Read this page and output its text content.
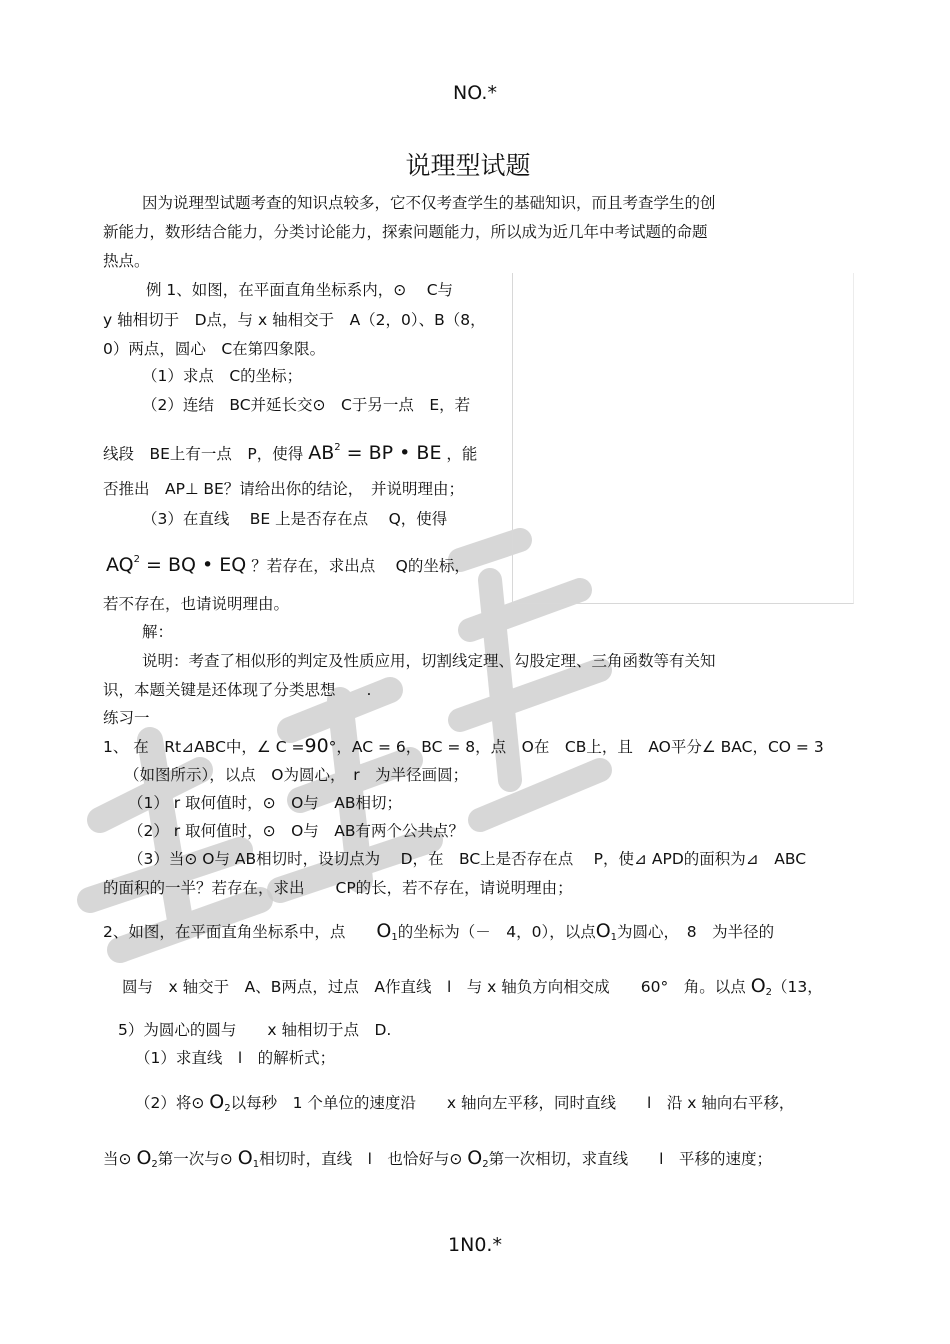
NO.*
说理型试题
因为说理型试题考查的知识点较多，它不仅考查学生的基础知识，而且考查学生的创
新能力，数形结合能力，分类讨论能力，探索问题能力，所以成为近几年中考试题的命题
热点。
例 1、如图，在平面直角坐标系内，⊙　 C与
y 轴相切于　D点，与 x 轴相交于　A（2，0）、B（8，
0）两点，圆心　C在第四象限。
（1）求点　C的坐标；
（2）连结　BC并延长交⊙　C于另一点　E，若
线段　BE上有一点　P，使得 $AB^2$ = BP • BE ，能
否推出　AP⊥ BE？请给出你的结论，　并说明理由；
（3）在直线　 BE 上是否存在点　 Q，使得
$AQ^2$ = BQ • EQ ？若存在，求出点　 Q的坐标，
若不存在，也请说明理由。
解：
说明：考查了相似形的判定及性质应用，切割线定理、勾股定理、三角函数等有关知
识，本题关键是还体现了分类思想　　.
练习一
1、 在　Rt⊿ABC中，∠ C =90°，AC = 6，BC = 8，点　O在　CB上，且　AO平分∠ BAC，CO = 3
（如图所示），以点　O为圆心，　r　为半径画圆；
（1） r 取何值时，⊙　O与　AB相切；
（2） r 取何值时，⊙　O与　AB有两个公共点？
（3）当⊙ O与 AB相切时，设切点为　 D，在　BC上是否存在点　 P，使⊿ APD的面积为⊿　ABC
的面积的一半？若存在，求出　　CP的长，若不存在，请说明理由；
2、如图，在平面直角坐标系中，点　　$O_1$的坐标为（－　4，0），以点$O_1$为圆心，　8　为半径的
圆与　x 轴交于　A、B两点，过点　A作直线　l　与 x 轴负方向相交成　　60°　角。以点 $O_2(13$，
5）为圆心的圆与　　x 轴相切于点　D.
（1）求直线　l　的解析式；
（2）将⊙ $O_2$以每秒　1 个单位的速度沿　　x 轴向左平移，同时直线　　l　沿 x 轴向右平移，
当⊙ $O_2$第一次与⊙ $O_1$相切时，直线　l　也恰好与⊙ $O_2$第一次相切，求直线　　l　平移的速度；
1N0.*
